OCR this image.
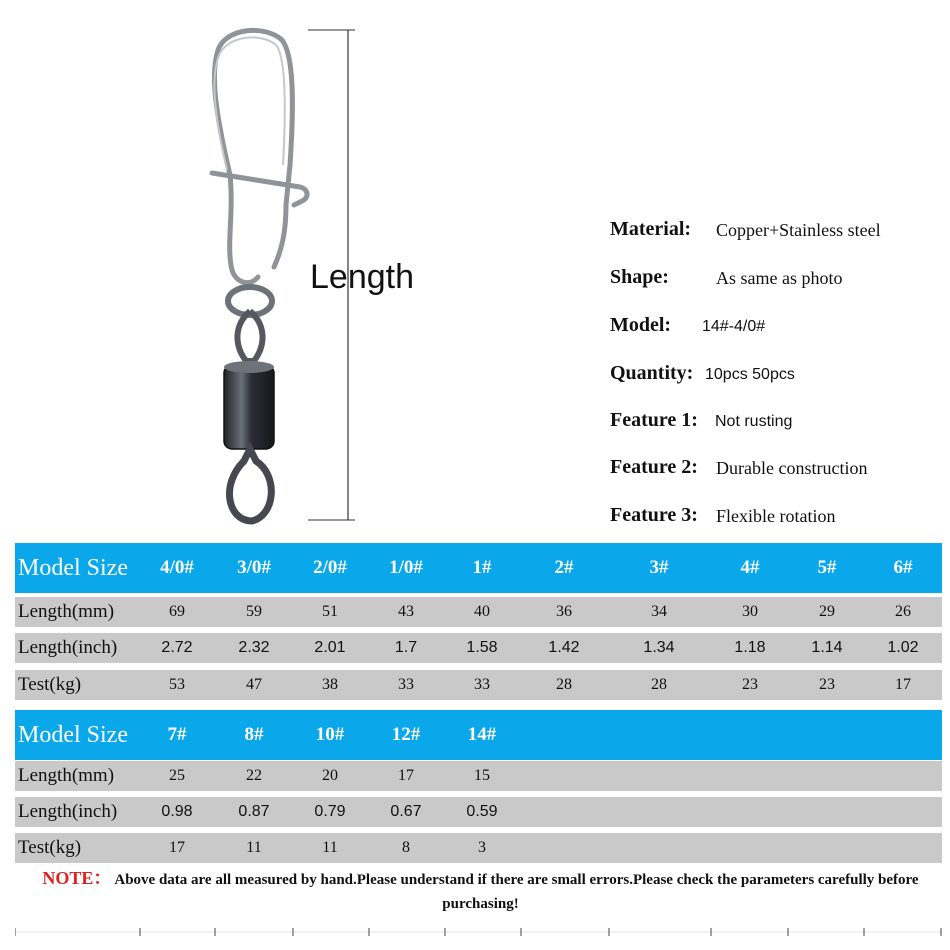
Length
Material: Copper+Stainless steel
Shape:	As same as photo
Model: 14#-4/0#
Quantity: 10pcs 50pcs
Feature 1: Not rusting
Feature 2: Durable construction
Feature 3: Flexible rotation
Model Size	4/0#	3/0#	2/0#	1/0#	1#	2#	3#	4#	5#	6#
Length(mm)	69	59	51	43	40	36	34	30	29	26
Length(inch)	2.72	2.32	2.01	1.7	1.58	1.42	1.34	1.18	1.14	1.02
Test(kg)	53	47	38	33	33	28	28	23	23	17
Model Size	7#	8#	10#	12#	14#
Length(mm)	25	22	20	17	15
Length(inch)	0.98	0.87	0.79	0.67	0.59
Test(kg)	17	11	11	8	3
NOTE： Above data are all measured by hand.Please understand if there are small errors.Please check the parameters carefully before purchasing!
